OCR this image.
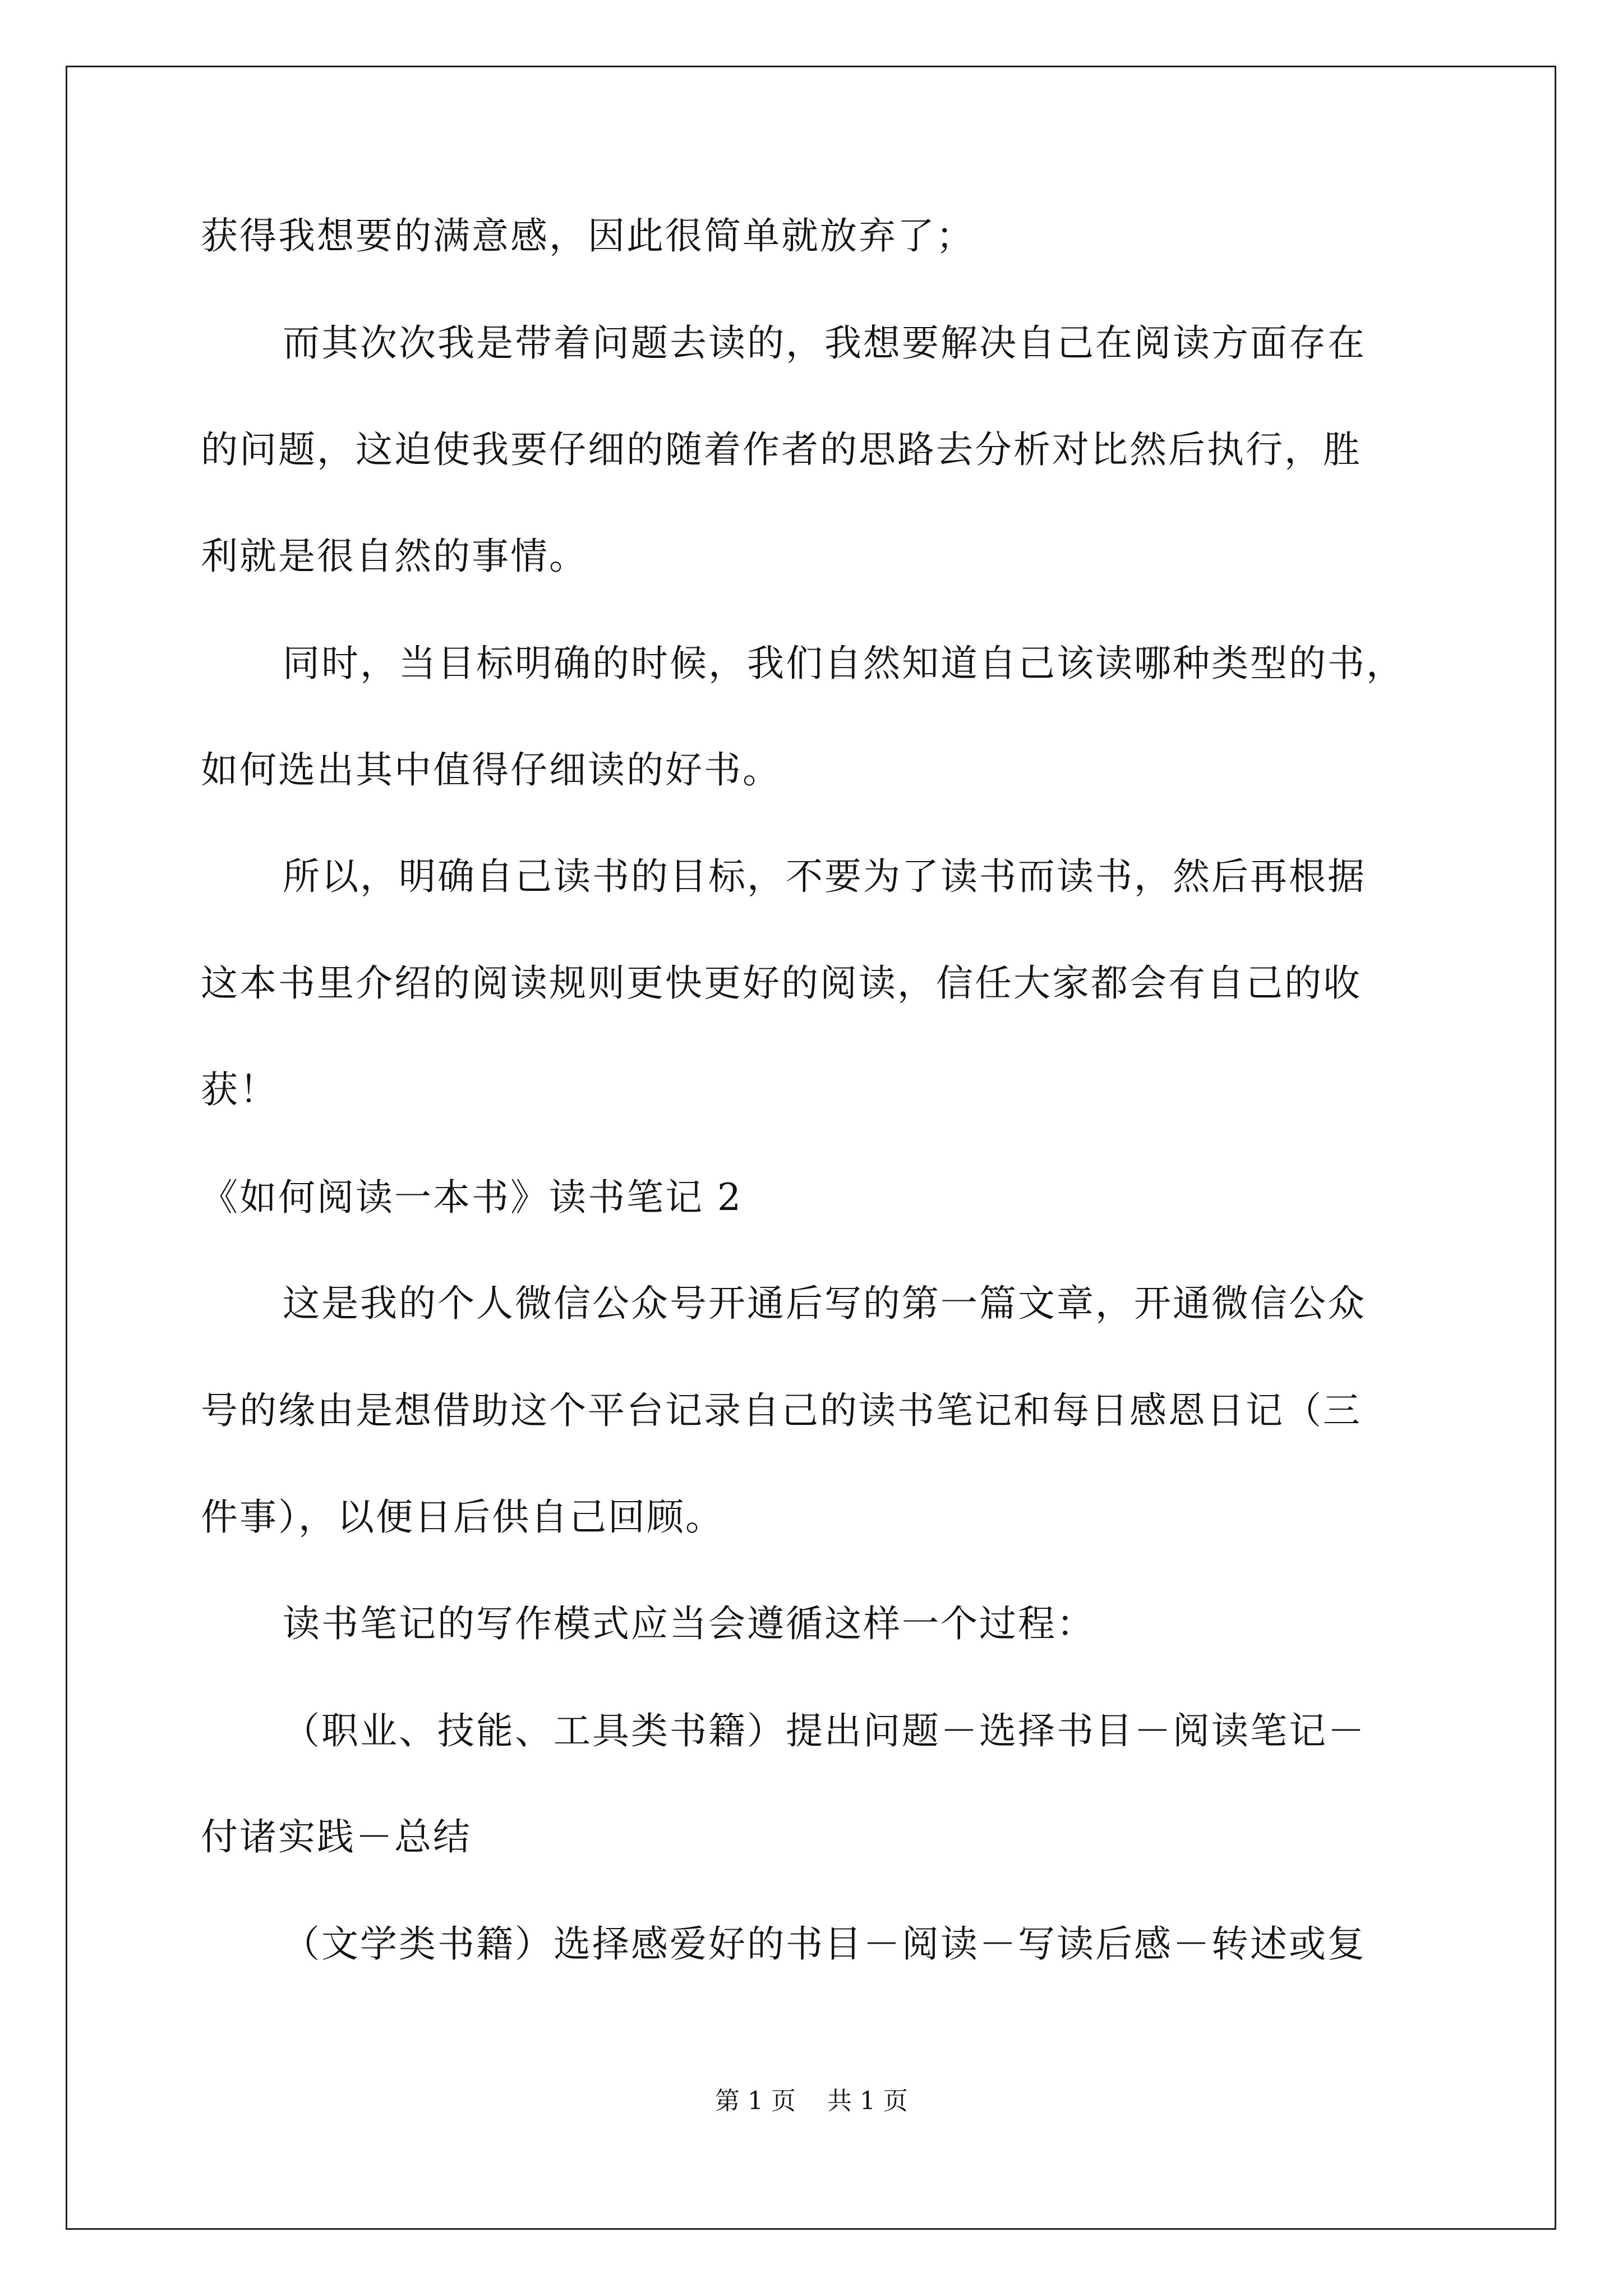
获得我想要的满意感，因此很简单就放弃了；

而其次次我是带着问题去读的，我想要解决自己在阅读方面存在

的问题，这迫使我要仔细的随着作者的思路去分析对比然后执行，胜

利就是很自然的事情。

同时，当目标明确的时候，我们自然知道自己该读哪种类型的书，

如何选出其中值得仔细读的好书。

所以，明确自己读书的目标，不要为了读书而读书，然后再根据

这本书里介绍的阅读规则更快更好的阅读，信任大家都会有自己的收

获！

《如何阅读一本书》读书笔记 2

这是我的个人微信公众号开通后写的第一篇文章，开通微信公众

号的缘由是想借助这个平台记录自己的读书笔记和每日感恩日记（三

件事），以便日后供自己回顾。

读书笔记的写作模式应当会遵循这样一个过程：

（职业、技能、工具类书籍）提出问题－选择书目－阅读笔记－

付诸实践－总结

（文学类书籍）选择感爱好的书目－阅读－写读后感－转述或复

第 1 页    共 1 页
